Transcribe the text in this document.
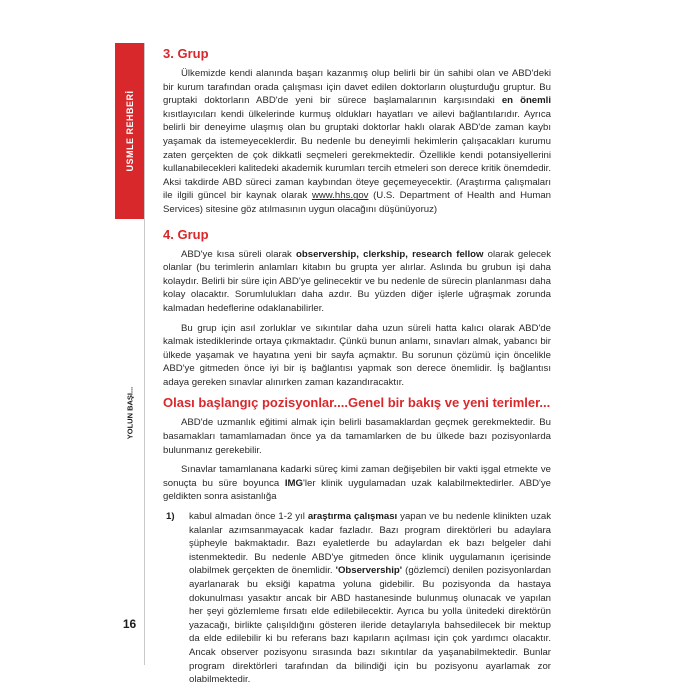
USMLE REHBERİ
YOLUN BAŞI...
16
3. Grup

Ülkemizde kendi alanında başarı kazanmış olup belirli bir ün sahibi olan ve ABD'deki bir kurum tarafından orada çalışması için davet edilen doktorların oluşturduğu gruptur. Bu gruptaki doktorların ABD'de yeni bir sürece başlamalarının karşısındaki en önemli kısıtlayıcıları kendi ülkelerinde kurmuş oldukları hayatları ve ailevi bağlantılarıdır. Ayrıca belirli bir deneyime ulaşmış olan bu gruptaki doktorlar haklı olarak ABD'de zaman kaybı yaşamak da istemeyeceklerdir. Bu nedenle bu deneyimli hekimlerin çalışacakları kurumu zaten gerçekten de çok dikkatli seçmeleri gerekmektedir. Özellikle kendi potansiyellerini kullanabilecekleri kalitedeki akademik kurumları tercih etmeleri son derece kritik önemdedir. Aksi takdirde ABD süreci zaman kaybından öteye geçemeyecektir. (Araştırma çalışmaları ile ilgili güncel bir kaynak olarak www.hhs.gov (U.S. Department of Health and Human Services) sitesine göz atılmasının uygun olacağını düşünüyoruz)

4. Grup

ABD'ye kısa süreli olarak observership, clerkship, research fellow olarak gelecek olanlar (bu terimlerin anlamları kitabın bu grupta yer alırlar. Aslında bu grubun işi daha kolaydır. Belirli bir süre için ABD'ye gelinecektir ve bu nedenle de sürecin planlanması daha kolay olacaktır. Sorumlulukları daha azdır. Bu yüzden diğer işlerle uğraşmak zorunda kalmadan hedeflerine odaklanabilirler.

Bu grup için asıl zorluklar ve sıkıntılar daha uzun süreli hatta kalıcı olarak ABD'de kalmak istediklerinde ortaya çıkmaktadır. Çünkü bunun anlamı, sınavları almak, yabancı bir ülkede yaşamak ve hayatına yeni bir sayfa açmaktır. Bu sorunun çözümü için öncelikle ABD'ye gitmeden önce iyi bir iş bağlantısı yapmak son derece önemlidir. İş bağlantısı adaya gereken sınavlar alınırken zaman kazandıracaktır.

Olası başlangıç pozisyonlar....Genel bir bakış ve yeni terimler...

ABD'de uzmanlık eğitimi almak için belirli basamaklardan geçmek gerekmektedir. Bu basamakları tamamlamadan önce ya da tamamlarken de bu ülkede bazı pozisyonlarda bulunmanız gerekebilir.

Sınavlar tamamlanana kadarki süreç kimi zaman değişebilen bir vakti işgal etmekte ve sonuçta bu süre boyunca IMG'ler klinik uygulamadan uzak kalabilmektedirler. ABD'ye geldikten sonra asistanlığa

1) kabul almadan önce 1-2 yıl araştırma çalışması yapan ve bu nedenle klinikten uzak kalanlar azımsanmayacak kadar fazladır. Bazı program direktörleri bu adaylara şüpheyle bakmaktadır. Bazı eyaletlerde bu adaylardan ek bazı belgeler dahi istenmektedir. Bu nedenle ABD'ye gitmeden önce klinik uygulamanın içerisinde olabilmek gerçekten de önemlidir. 'Observership' (gözlemci) denilen pozisyonlardan ayarlanarak bu eksiği kapatma yoluna gidebilir. Bu pozisyonda da hastaya dokunulması yasaktır ancak bir ABD hastanesinde bulunmuş olunacak ve yapılan her şeyi gözlemleme fırsatı elde edilebilecektir. Ayrıca bu yolla ünitedeki direktörün yazacağı, birlikte çalışıldığını gösteren ileride detaylarıyla bahsedilecek bir mektup da elde edilebilir ki bu referans bazı kapıların açılması için çok yardımcı olacaktır. Ancak observer pozisyonu sırasında bazı sıkıntılar da yaşanabilmektedir. Bunlar program direktörleri tarafından da bilindiği için bu pozisyonu ayarlamak zor olabilmektedir.
